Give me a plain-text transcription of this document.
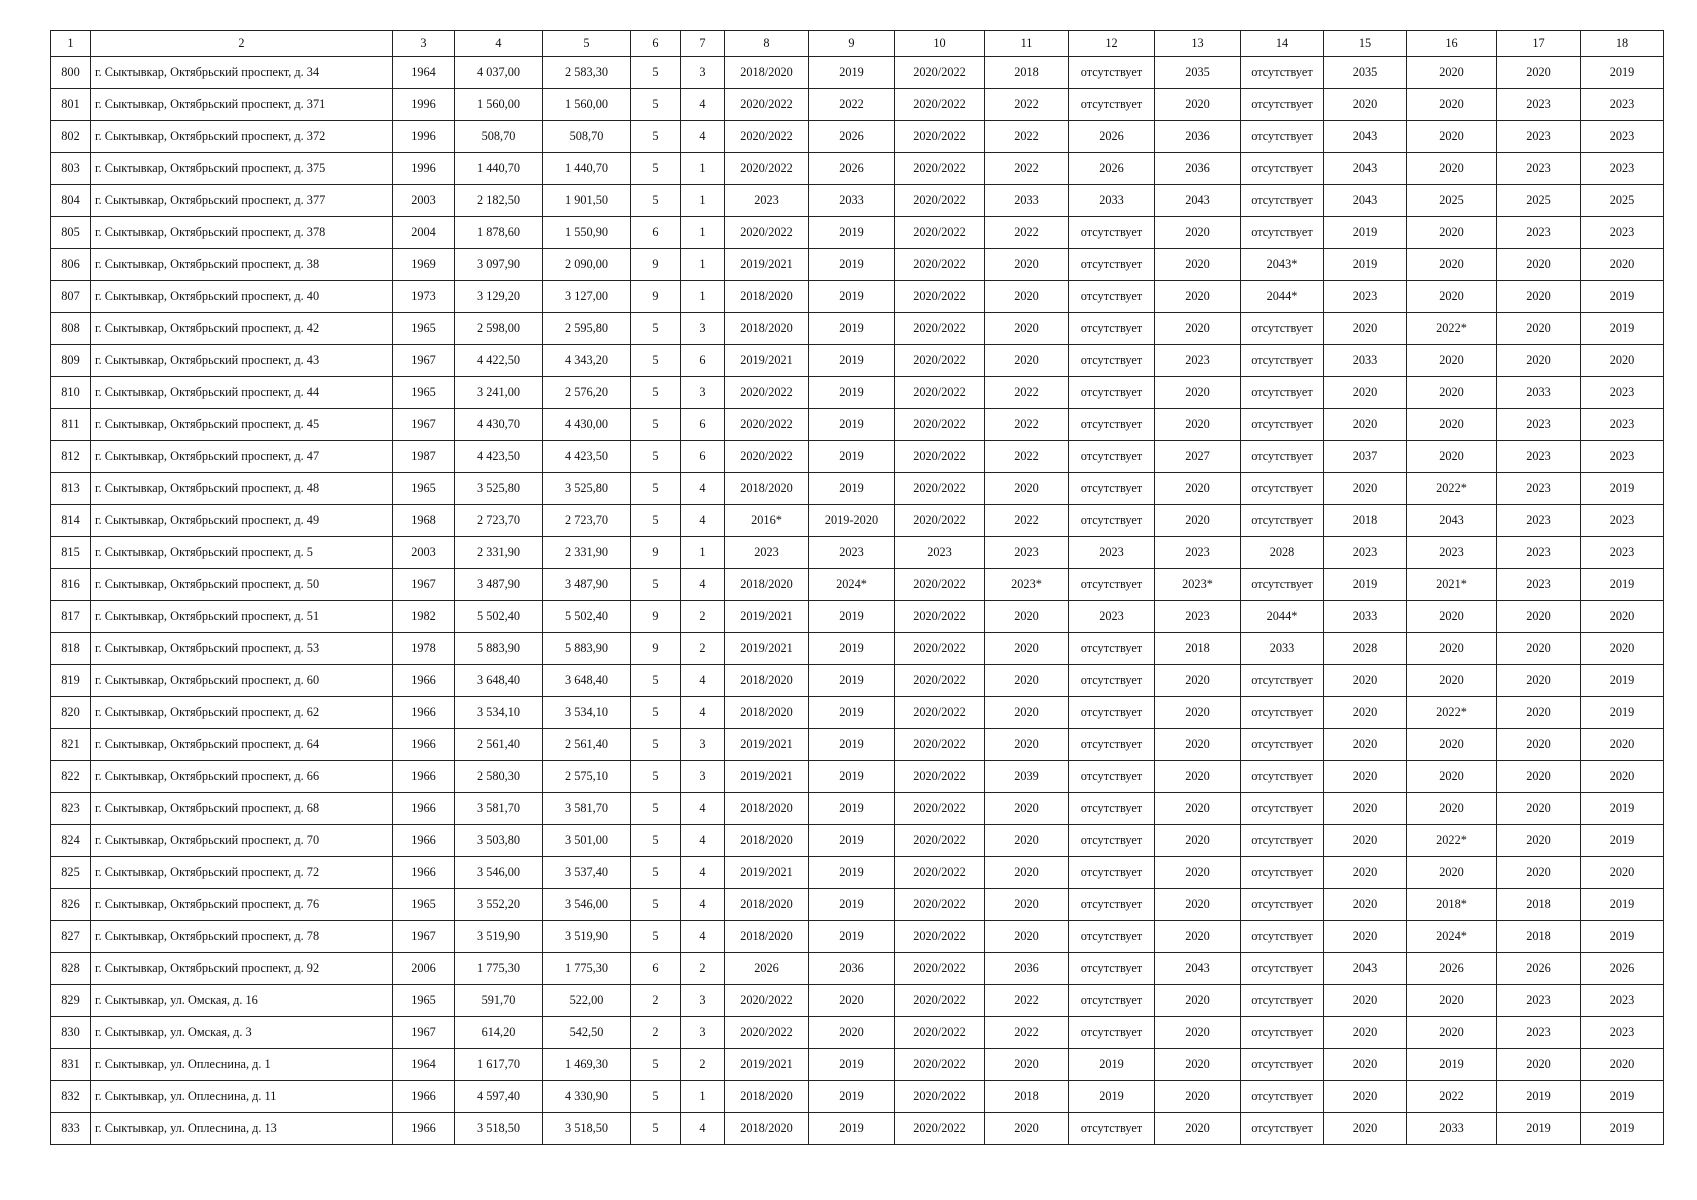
1	2	3	4	5	6	7	8	9	10	11	12	13	14	15	16	17	18
800	г. Сыктывкар, Октябрьский проспект, д. 34	1964	4 037,00	2 583,30	5	3	2018/2020	2019	2020/2022	2018	отсутствует	2035	отсутствует	2035	2020	2020	2019
801	г. Сыктывкар, Октябрьский проспект, д. 371	1996	1 560,00	1 560,00	5	4	2020/2022	2022	2020/2022	2022	отсутствует	2020	отсутствует	2020	2020	2023	2023
802	г. Сыктывкар, Октябрьский проспект, д. 372	1996	508,70	508,70	5	4	2020/2022	2026	2020/2022	2022	2026	2036	отсутствует	2043	2020	2023	2023
803	г. Сыктывкар, Октябрьский проспект, д. 375	1996	1 440,70	1 440,70	5	1	2020/2022	2026	2020/2022	2022	2026	2036	отсутствует	2043	2020	2023	2023
804	г. Сыктывкар, Октябрьский проспект, д. 377	2003	2 182,50	1 901,50	5	1	2023	2033	2020/2022	2033	2033	2043	отсутствует	2043	2025	2025	2025
805	г. Сыктывкар, Октябрьский проспект, д. 378	2004	1 878,60	1 550,90	6	1	2020/2022	2019	2020/2022	2022	отсутствует	2020	отсутствует	2019	2020	2023	2023
806	г. Сыктывкар, Октябрьский проспект, д. 38	1969	3 097,90	2 090,00	9	1	2019/2021	2019	2020/2022	2020	отсутствует	2020	2043*	2019	2020	2020	2020
807	г. Сыктывкар, Октябрьский проспект, д. 40	1973	3 129,20	3 127,00	9	1	2018/2020	2019	2020/2022	2020	отсутствует	2020	2044*	2023	2020	2020	2019
808	г. Сыктывкар, Октябрьский проспект, д. 42	1965	2 598,00	2 595,80	5	3	2018/2020	2019	2020/2022	2020	отсутствует	2020	отсутствует	2020	2022*	2020	2019
809	г. Сыктывкар, Октябрьский проспект, д. 43	1967	4 422,50	4 343,20	5	6	2019/2021	2019	2020/2022	2020	отсутствует	2023	отсутствует	2033	2020	2020	2020
810	г. Сыктывкар, Октябрьский проспект, д. 44	1965	3 241,00	2 576,20	5	3	2020/2022	2019	2020/2022	2022	отсутствует	2020	отсутствует	2020	2020	2033	2023
811	г. Сыктывкар, Октябрьский проспект, д. 45	1967	4 430,70	4 430,00	5	6	2020/2022	2019	2020/2022	2022	отсутствует	2020	отсутствует	2020	2020	2023	2023
812	г. Сыктывкар, Октябрьский проспект, д. 47	1987	4 423,50	4 423,50	5	6	2020/2022	2019	2020/2022	2022	отсутствует	2027	отсутствует	2037	2020	2023	2023
813	г. Сыктывкар, Октябрьский проспект, д. 48	1965	3 525,80	3 525,80	5	4	2018/2020	2019	2020/2022	2020	отсутствует	2020	отсутствует	2020	2022*	2023	2019
814	г. Сыктывкар, Октябрьский проспект, д. 49	1968	2 723,70	2 723,70	5	4	2016*	2019-2020	2020/2022	2022	отсутствует	2020	отсутствует	2018	2043	2023	2023
815	г. Сыктывкар, Октябрьский проспект, д. 5	2003	2 331,90	2 331,90	9	1	2023	2023	2023	2023	2023	2023	2028	2023	2023	2023	2023
816	г. Сыктывкар, Октябрьский проспект, д. 50	1967	3 487,90	3 487,90	5	4	2018/2020	2024*	2020/2022	2023*	отсутствует	2023*	отсутствует	2019	2021*	2023	2019
817	г. Сыктывкар, Октябрьский проспект, д. 51	1982	5 502,40	5 502,40	9	2	2019/2021	2019	2020/2022	2020	2023	2023	2044*	2033	2020	2020	2020
818	г. Сыктывкар, Октябрьский проспект, д. 53	1978	5 883,90	5 883,90	9	2	2019/2021	2019	2020/2022	2020	отсутствует	2018	2033	2028	2020	2020	2020
819	г. Сыктывкар, Октябрьский проспект, д. 60	1966	3 648,40	3 648,40	5	4	2018/2020	2019	2020/2022	2020	отсутствует	2020	отсутствует	2020	2020	2020	2019
820	г. Сыктывкар, Октябрьский проспект, д. 62	1966	3 534,10	3 534,10	5	4	2018/2020	2019	2020/2022	2020	отсутствует	2020	отсутствует	2020	2022*	2020	2019
821	г. Сыктывкар, Октябрьский проспект, д. 64	1966	2 561,40	2 561,40	5	3	2019/2021	2019	2020/2022	2020	отсутствует	2020	отсутствует	2020	2020	2020	2020
822	г. Сыктывкар, Октябрьский проспект, д. 66	1966	2 580,30	2 575,10	5	3	2019/2021	2019	2020/2022	2039	отсутствует	2020	отсутствует	2020	2020	2020	2020
823	г. Сыктывкар, Октябрьский проспект, д. 68	1966	3 581,70	3 581,70	5	4	2018/2020	2019	2020/2022	2020	отсутствует	2020	отсутствует	2020	2020	2020	2019
824	г. Сыктывкар, Октябрьский проспект, д. 70	1966	3 503,80	3 501,00	5	4	2018/2020	2019	2020/2022	2020	отсутствует	2020	отсутствует	2020	2022*	2020	2019
825	г. Сыктывкар, Октябрьский проспект, д. 72	1966	3 546,00	3 537,40	5	4	2019/2021	2019	2020/2022	2020	отсутствует	2020	отсутствует	2020	2020	2020	2020
826	г. Сыктывкар, Октябрьский проспект, д. 76	1965	3 552,20	3 546,00	5	4	2018/2020	2019	2020/2022	2020	отсутствует	2020	отсутствует	2020	2018*	2018	2019
827	г. Сыктывкар, Октябрьский проспект, д. 78	1967	3 519,90	3 519,90	5	4	2018/2020	2019	2020/2022	2020	отсутствует	2020	отсутствует	2020	2024*	2018	2019
828	г. Сыктывкар, Октябрьский проспект, д. 92	2006	1 775,30	1 775,30	6	2	2026	2036	2020/2022	2036	отсутствует	2043	отсутствует	2043	2026	2026	2026
829	г. Сыктывкар, ул. Омская, д. 16	1965	591,70	522,00	2	3	2020/2022	2020	2020/2022	2022	отсутствует	2020	отсутствует	2020	2020	2023	2023
830	г. Сыктывкар, ул. Омская, д. 3	1967	614,20	542,50	2	3	2020/2022	2020	2020/2022	2022	отсутствует	2020	отсутствует	2020	2020	2023	2023
831	г. Сыктывкар, ул. Оплеснина, д. 1	1964	1 617,70	1 469,30	5	2	2019/2021	2019	2020/2022	2020	2019	2020	отсутствует	2020	2019	2020	2020
832	г. Сыктывкар, ул. Оплеснина, д. 11	1966	4 597,40	4 330,90	5	1	2018/2020	2019	2020/2022	2018	2019	2020	отсутствует	2020	2022	2019	2019
833	г. Сыктывкар, ул. Оплеснина, д. 13	1966	3 518,50	3 518,50	5	4	2018/2020	2019	2020/2022	2020	отсутствует	2020	отсутствует	2020	2033	2019	2019
